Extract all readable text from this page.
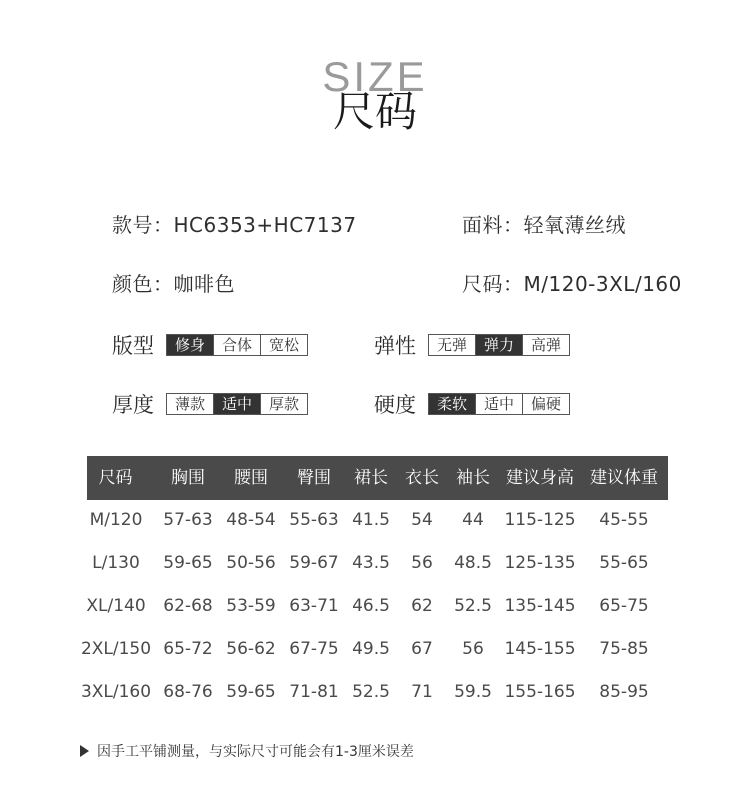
SIZE
尺码
款号：HC6353+HC7137	面料：轻氧薄丝绒
颜色：咖啡色	尺码：M/120-3XL/160
版型	修身	合体	宽松	弹性	无弹	弹力	高弹
厚度	薄款	适中	厚款	硬度	柔软	适中	偏硬
尺码	胸围	腰围	臀围	裙长	衣长	袖长 建议身高 建议体重
M/120	57-63 48-54 55-63 41.5	54	44	115-125	45-55
L/130	59-65 50-56 59-67 43.5	56	48.5 125-135	55-65
XL/140	62-68 53-59 63-71 46.5	62	52.5 135-145	65-75
2XL/150 65-72 56-62 67-75 49.5	67	56	145-155	75-85
3XL/160 68-76 59-65 71-81 52.5	71	59.5 155-165	85-95
因手工平铺测量，与实际尺寸可能会有1-3厘米误差
